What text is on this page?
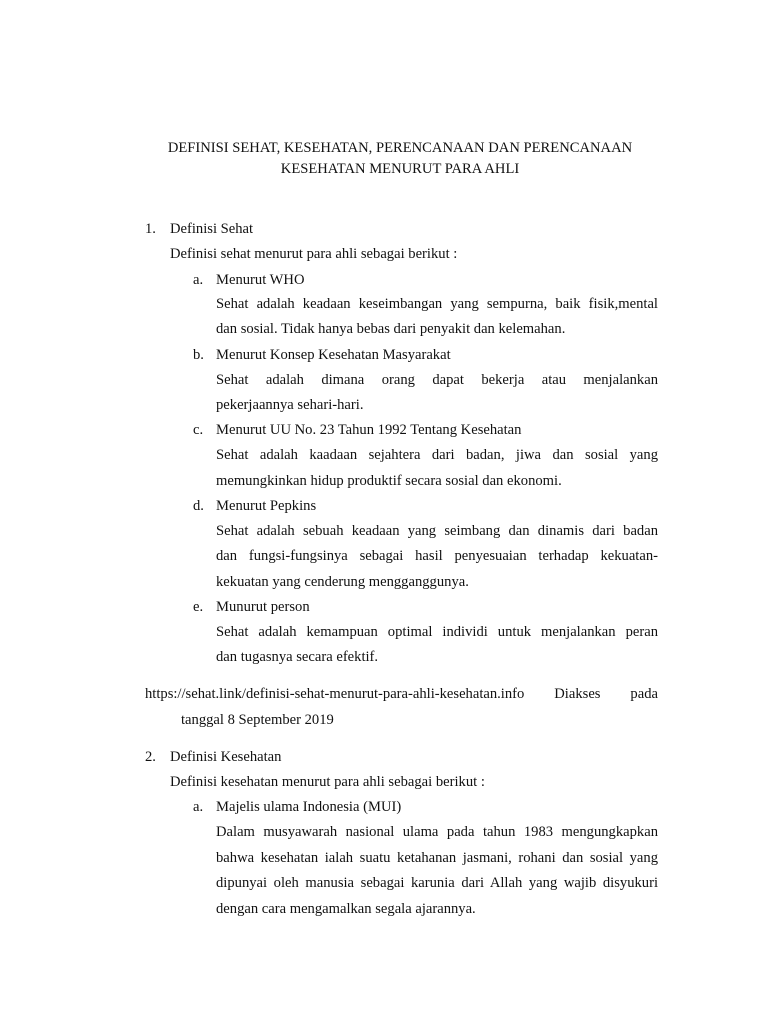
DEFINISI SEHAT, KESEHATAN, PERENCANAAN DAN PERENCANAAN
KESEHATAN MENURUT PARA AHLI
1. Definisi Sehat
Definisi sehat menurut para ahli sebagai berikut :
a. Menurut WHO
Sehat adalah keadaan keseimbangan yang sempurna, baik fisik,mental
dan sosial. Tidak hanya bebas dari penyakit dan kelemahan.
b. Menurut Konsep Kesehatan Masyarakat
Sehat adalah dimana orang dapat bekerja atau menjalankan
pekerjaannya sehari-hari.
c. Menurut UU No. 23 Tahun 1992 Tentang Kesehatan
Sehat adalah kaadaan sejahtera dari badan, jiwa dan sosial yang
memungkinkan hidup produktif secara sosial dan ekonomi.
d. Menurut Pepkins
Sehat adalah sebuah keadaan yang seimbang dan dinamis dari badan
dan fungsi-fungsinya sebagai hasil penyesuaian terhadap kekuatan-
kekuatan yang cenderung mengganggunya.
e. Munurut person
Sehat adalah kemampuan optimal individi untuk menjalankan peran
dan tugasnya secara efektif.
https://sehat.link/definisi-sehat-menurut-para-ahli-kesehatan.info Diakses pada
tanggal 8 September 2019
2. Definisi Kesehatan
Definisi kesehatan menurut para ahli sebagai berikut :
a. Majelis ulama Indonesia (MUI)
Dalam musyawarah nasional ulama pada tahun 1983 mengungkapkan
bahwa kesehatan ialah suatu ketahanan jasmani, rohani dan sosial yang
dipunyai oleh manusia sebagai karunia dari Allah yang wajib disyukuri
dengan cara mengamalkan segala ajarannya.
